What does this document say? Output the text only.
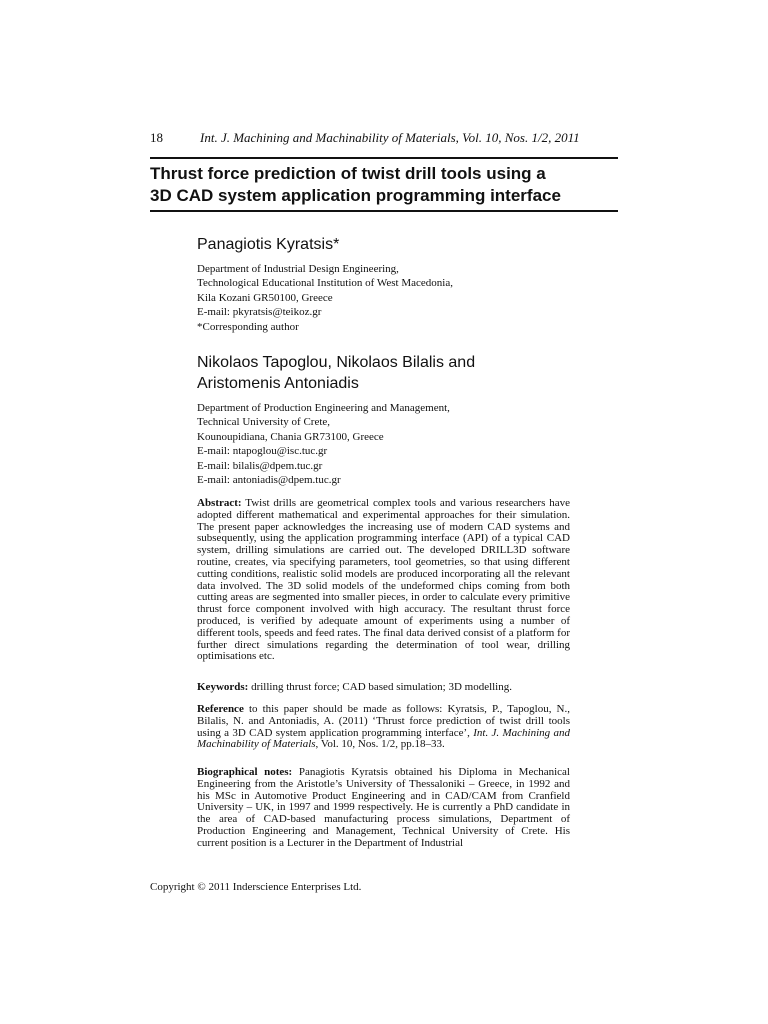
18	Int. J. Machining and Machinability of Materials, Vol. 10, Nos. 1/2, 2011
Thrust force prediction of twist drill tools using a
3D CAD system application programming interface
Panagiotis Kyratsis*
Department of Industrial Design Engineering,
Technological Educational Institution of West Macedonia,
Kila Kozani GR50100, Greece
E-mail: pkyratsis@teikoz.gr
*Corresponding author
Nikolaos Tapoglou, Nikolaos Bilalis and
Aristomenis Antoniadis
Department of Production Engineering and Management,
Technical University of Crete,
Kounoupidiana, Chania GR73100, Greece
E-mail: ntapoglou@isc.tuc.gr
E-mail: bilalis@dpem.tuc.gr
E-mail: antoniadis@dpem.tuc.gr

Abstract: Twist drills are geometrical complex tools and various researchers have adopted different mathematical and experimental approaches for their simulation. The present paper acknowledges the increasing use of modern CAD systems and subsequently, using the application programming interface (API) of a typical CAD system, drilling simulations are carried out. The developed DRILL3D software routine, creates, via specifying parameters, tool geometries, so that using different cutting conditions, realistic solid models are produced incorporating all the relevant data involved. The 3D solid models of the undeformed chips coming from both cutting areas are segmented into smaller pieces, in order to calculate every primitive thrust force component involved with high accuracy. The resultant thrust force produced, is verified by adequate amount of experiments using a number of different tools, speeds and feed rates. The final data derived consist of a platform for further direct simulations regarding the determination of tool wear, drilling optimisations etc.

Keywords: drilling thrust force; CAD based simulation; 3D modelling.

Reference to this paper should be made as follows: Kyratsis, P., Tapoglou, N., Bilalis, N. and Antoniadis, A. (2011) ‘Thrust force prediction of twist drill tools using a 3D CAD system application programming interface’, Int. J. Machining and Machinability of Materials, Vol. 10, Nos. 1/2, pp.18–33.

Biographical notes: Panagiotis Kyratsis obtained his Diploma in Mechanical Engineering from the Aristotle’s University of Thessaloniki – Greece, in 1992 and his MSc in Automotive Product Engineering and in CAD/CAM from Cranfield University – UK, in 1997 and 1999 respectively. He is currently a PhD candidate in the area of CAD-based manufacturing process simulations, Department of Production Engineering and Management, Technical University of Crete. His current position is a Lecturer in the Department of Industrial

Copyright © 2011 Inderscience Enterprises Ltd.
